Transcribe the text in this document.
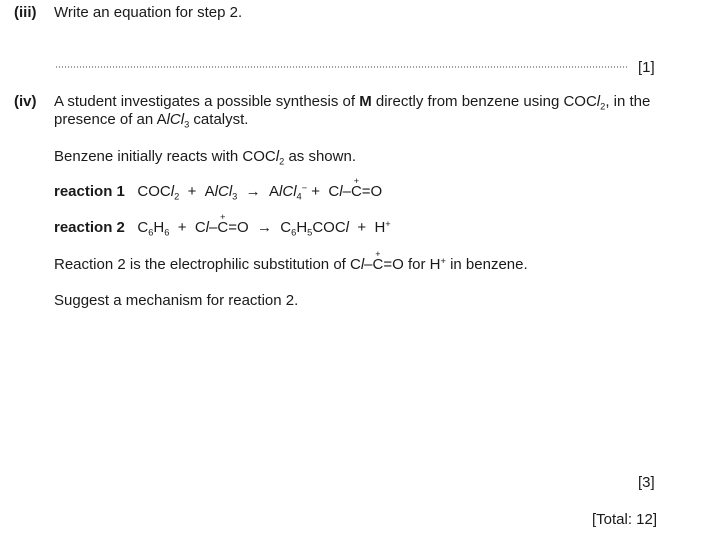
(iii) Write an equation for step 2.
[1]
(iv) A student investigates a possible synthesis of M directly from benzene using COCl$_2$, in the
presence of an AlCl$_3$ catalyst.
Benzene initially reacts with COCl$_2$ as shown.
reaction 1   COCl$_2$  +  AlCl$_3$  →  AlCl$_4$− +  Cl–C
+
=O
reaction 2   $C_6H_6 + Cl-C$
+
$=O \to C_6H_5COCl + H^+$
Reaction 2 is the electrophilic substitution of Cl–C
+
=O for H+ in benzene.
Suggest a mechanism for reaction 2.
[3]
[Total: 12]
